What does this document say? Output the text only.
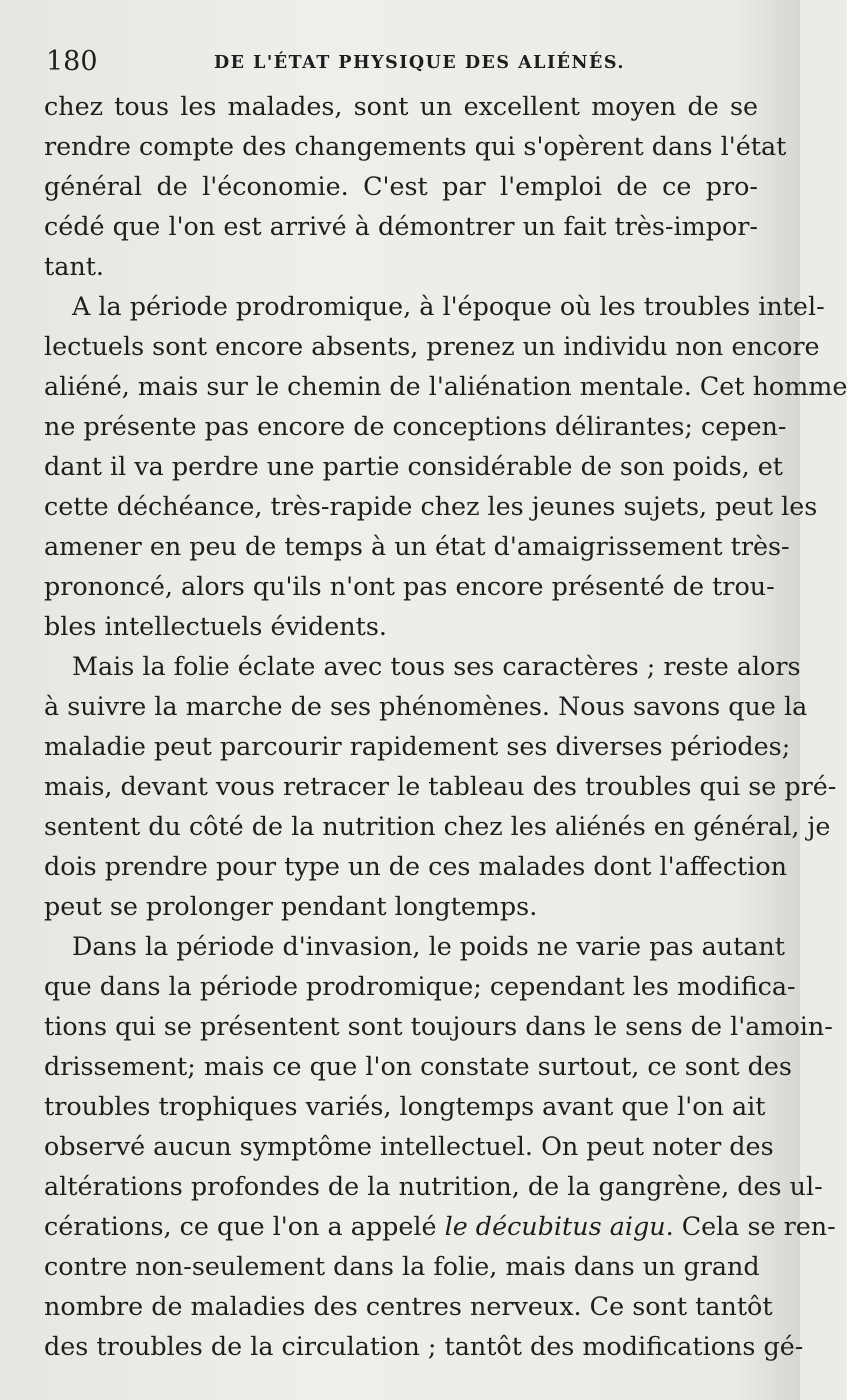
180	DE L'ÉTAT PHYSIQUE DES ALIÉNÉS.
chez tous les malades, sont un excellent moyen de se
rendre compte des changements qui s'opèrent dans l'état
général de l'économie. C'est par l'emploi de ce pro-
cédé que l'on est arrivé à démontrer un fait très-impor-
tant.
A la période prodromique, à l'époque où les troubles intel-
lectuels sont encore absents, prenez un individu non encore
aliéné, mais sur le chemin de l'aliénation mentale. Cet homme
ne présente pas encore de conceptions délirantes; cepen-
dant il va perdre une partie considérable de son poids, et
cette déchéance, très-rapide chez les jeunes sujets, peut les
amener en peu de temps à un état d'amaigrissement très-
prononcé, alors qu'ils n'ont pas encore présenté de trou-
bles intellectuels évidents.
Mais la folie éclate avec tous ses caractères ; reste alors
à suivre la marche de ses phénomènes. Nous savons que la
maladie peut parcourir rapidement ses diverses périodes;
mais, devant vous retracer le tableau des troubles qui se pré-
sentent du côté de la nutrition chez les aliénés en général, je
dois prendre pour type un de ces malades dont l'affection
peut se prolonger pendant longtemps.
Dans la période d'invasion, le poids ne varie pas autant
que dans la période prodromique; cependant les modifica-
tions qui se présentent sont toujours dans le sens de l'amoin-
drissement; mais ce que l'on constate surtout, ce sont des
troubles trophiques variés, longtemps avant que l'on ait
observé aucun symptôme intellectuel. On peut noter des
altérations profondes de la nutrition, de la gangrène, des ul-
cérations, ce que l'on a appelé le décubitus aigu. Cela se ren-
contre non-seulement dans la folie, mais dans un grand
nombre de maladies des centres nerveux. Ce sont tantôt
des troubles de la circulation ; tantôt des modifications gé-
